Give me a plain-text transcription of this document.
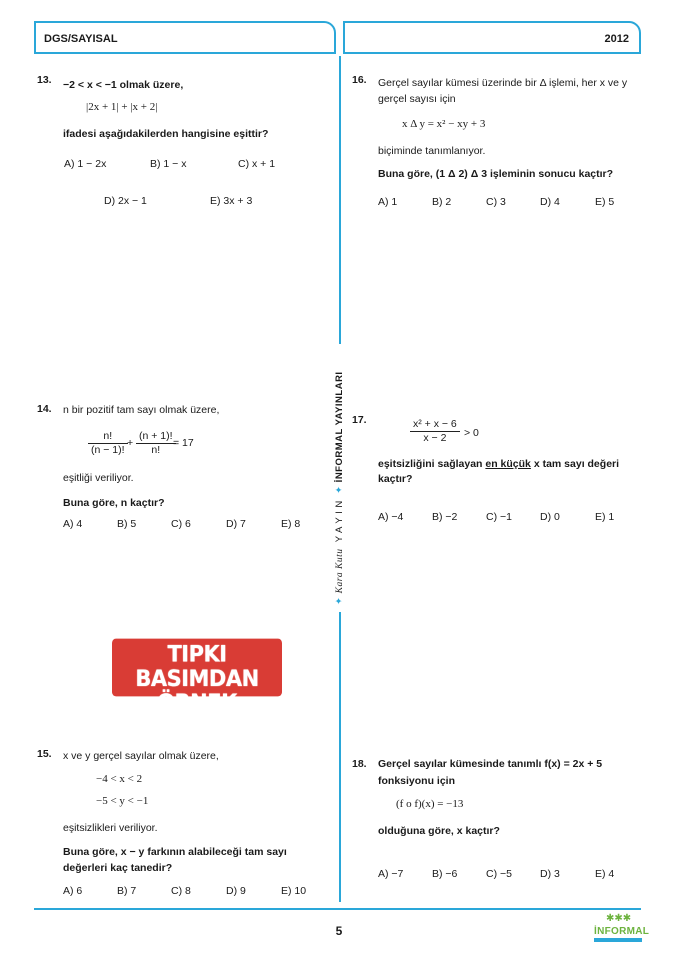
DGS/SAYISAL	2012
✦ Kara Kutu  Y A Y I N  ✦ İNFORMAL YAYINLARI
13. −2 < x < −1 olmak üzere,
|2x + 1| + |x + 2|
ifadesi aşağıdakilerden hangisine eşittir?
A) 1 − 2x	B) 1 − x	C) x + 1
D) 2x − 1	E) 3x + 3
14. n bir pozitif tam sayı olmak üzere,
$\frac{n!}{(n - 1)!} + \frac{(n + 1)!}{n!}$
= 17
eşitliği veriliyor.
Buna göre, n kaçtır?
A) 4	B) 5	C) 6	D) 7	E) 8
TIPKI BASIMDAN
ÖRNEK SAYFADIR
15. x ve y gerçel sayılar olmak üzere,
−4 < x < 2
−5 < y < −1
eşitsizlikleri veriliyor.
Buna göre, x − y farkının alabileceği tam sayı
değerleri kaç tanedir?
A) 6	B) 7	C) 8	D) 9	E) 10
16. Gerçel sayılar kümesi üzerinde bir Δ işlemi, her x ve y
gerçel sayısı için
x Δ y = x² − xy + 3
biçiminde tanımlanıyor.
Buna göre, (1 Δ 2) Δ 3 işleminin sonucu kaçtır?
A) 1	B) 2	C) 3	D) 4	E) 5
17.	$\frac{\text{x² + x − 6}}{x - 2} > 0$
eşitsizliğini sağlayan en küçük x tam sayı değeri
kaçtır?
A) −4	B) −2	C) −1	D) 0	E) 1
18. Gerçel sayılar kümesinde tanımlı f(x) = 2x + 5
fonksiyonu için
(f o f)(x) = −13
olduğuna göre, x kaçtır?
A) −7	B) −6	C) −5	D) 3	E) 4
5
✱✱✱
İNFORMAL
